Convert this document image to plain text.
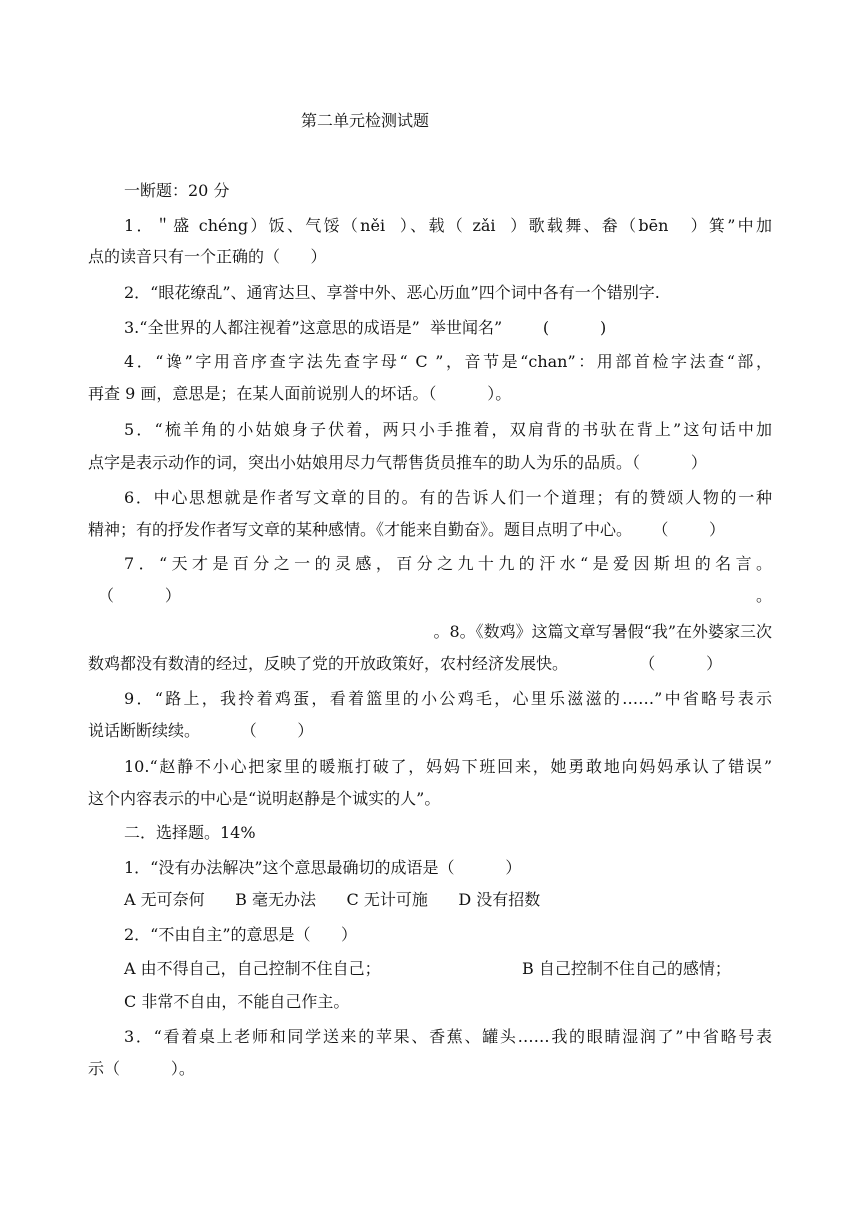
第二单元检测试题
一断题：20 分
1．＂盛 chéng）饭、气馁（něi  ）、载（ zǎi  ）歌载舞、畚（bēn   ）箕”中加
点的读音只有一个正确的（      ）
2．“眼花缭乱”、通宵达旦、享誉中外、恶心历血”四个词中各有一个错别字.
3.“全世界的人都注视着”这意思的成语是”  举世闻名”        (          )
4．“谗”字用音序查字法先查字母“ C ”，音节是“chan”：用部首检字法查“部，
再查 9 画，意思是；在某人面前说别人的坏话。（          ）。
5．“梳羊角的小姑娘身子伏着，两只小手推着，双肩背的书驮在背上”这句话中加
点字是表示动作的词，突出小姑娘用尽力气帮售货员推车的助人为乐的品质。（          ）
6．中心思想就是作者写文章的目的。有的告诉人们一个道理；有的赞颂人物的一种
精神；有的抒发作者写文章的某种感情。《才能来自勤奋》。题目点明了中心。    （        ）
7．“天才是百分之一的灵感，百分之九十九的汗水“是爱因斯坦的名言。
（          ）	。
。8。《数鸡》这篇文章写暑假“我”在外婆家三次
数鸡都没有数清的经过，反映了党的开放政策好，农村经济发展快。              （          ）
9．“路上，我拎着鸡蛋，看着篮里的小公鸡毛，心里乐滋滋的……”中省略号表示
说话断断续续。        （        ）
10.“赵静不小心把家里的暖瓶打破了，妈妈下班回来，她勇敢地向妈妈承认了错误”
这个内容表示的中心是“说明赵静是个诚实的人”。
二．选择题。14%
1．“没有办法解决”这个意思最确切的成语是（          ）
A 无可奈何      B 毫无办法      C 无计可施      D 没有招数
2．“不由自主”的意思是（      ）
A 由不得自己，自己控制不住自己；	B 自己控制不住自己的感情；
C 非常不自由，不能自己作主。
3．“看着桌上老师和同学送来的苹果、香蕉、罐头……我的眼睛湿润了”中省略号表
示（          ）。
